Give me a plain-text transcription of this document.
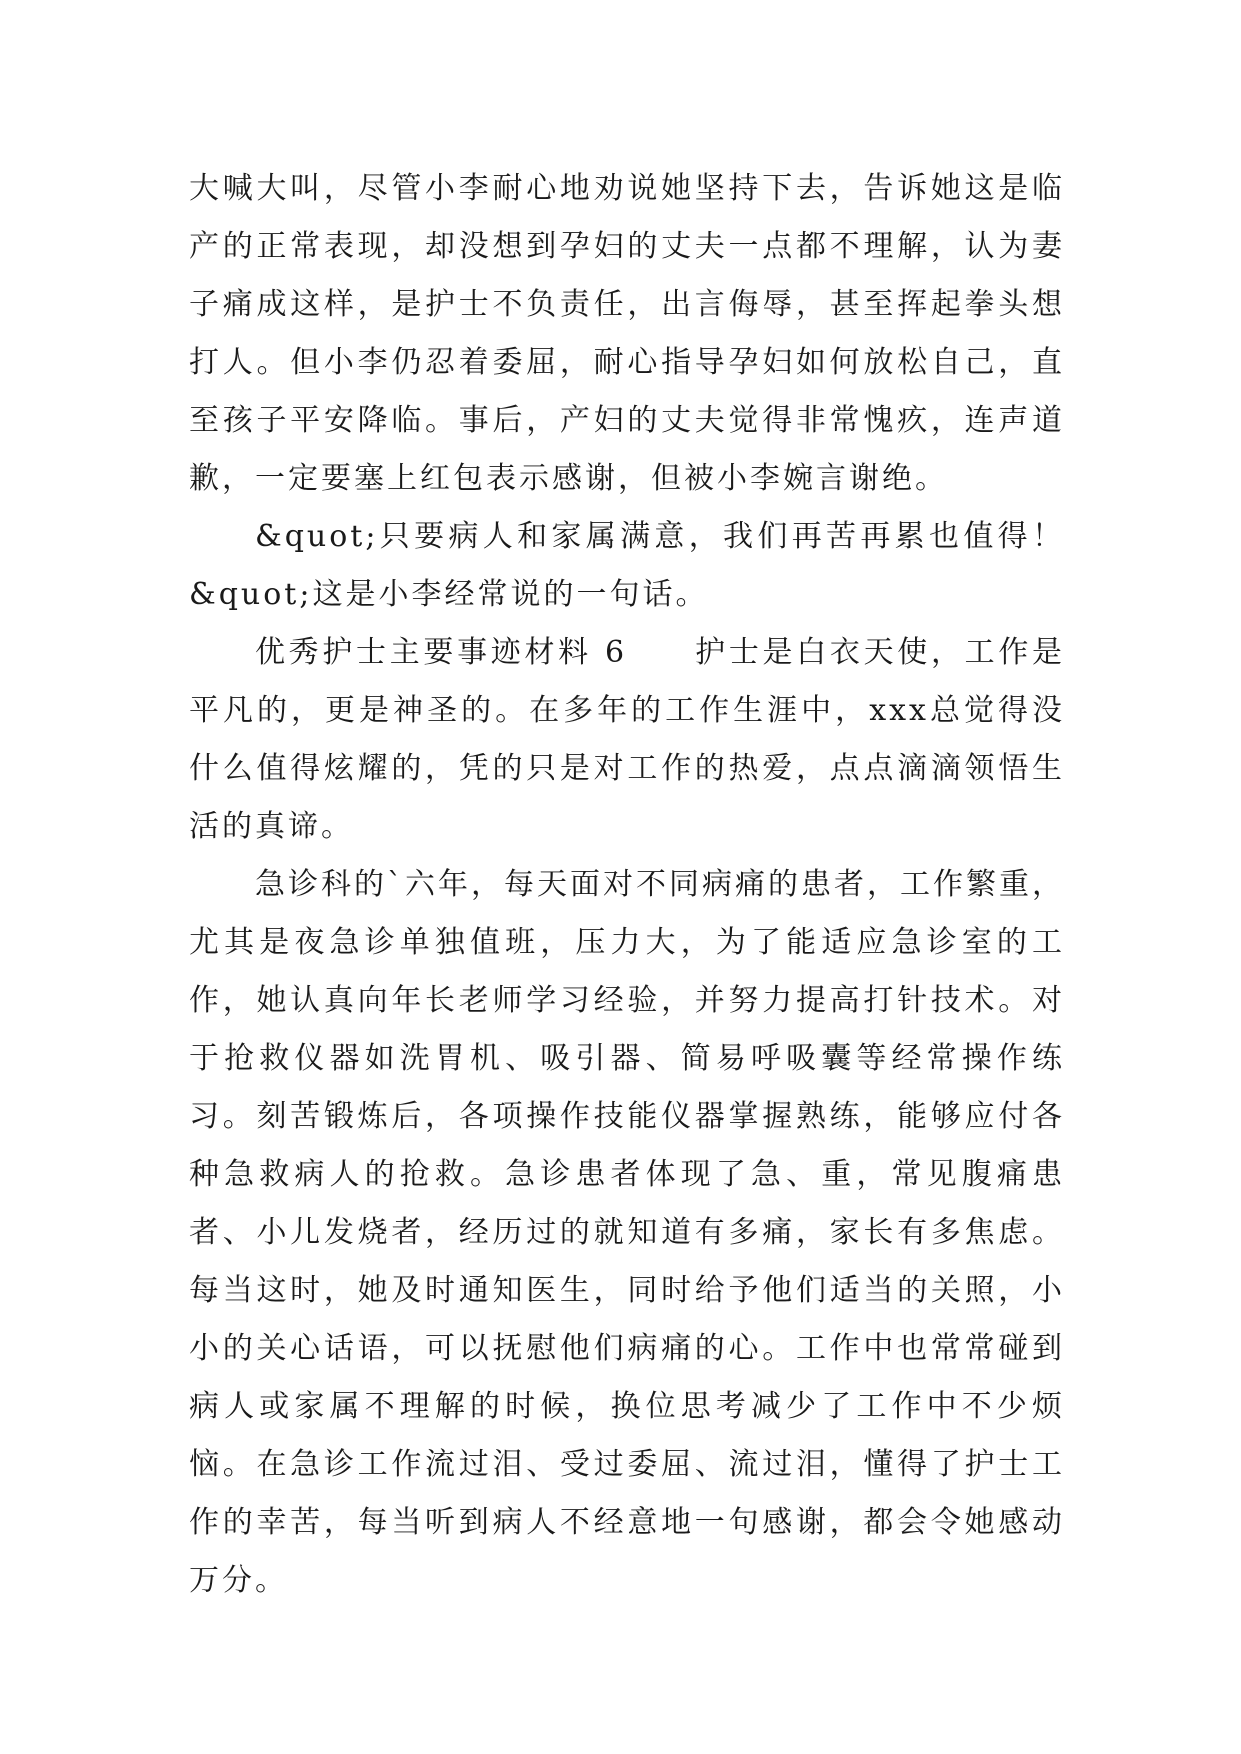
大喊大叫，尽管小李耐心地劝说她坚持下去，告诉她这是临产的正常表现，却没想到孕妇的丈夫一点都不理解，认为妻子痛成这样，是护士不负责任，出言侮辱，甚至挥起拳头想打人。但小李仍忍着委屈，耐心指导孕妇如何放松自己，直至孩子平安降临。事后，产妇的丈夫觉得非常愧疚，连声道歉，一定要塞上红包表示感谢，但被小李婉言谢绝。

&quot;只要病人和家属满意，我们再苦再累也值得！&quot;这是小李经常说的一句话。

优秀护士主要事迹材料 6　　护士是白衣天使，工作是平凡的，更是神圣的。在多年的工作生涯中，xxx总觉得没什么值得炫耀的，凭的只是对工作的热爱，点点滴滴领悟生活的真谛。

急诊科的`六年，每天面对不同病痛的患者，工作繁重，尤其是夜急诊单独值班，压力大，为了能适应急诊室的工作，她认真向年长老师学习经验，并努力提高打针技术。对于抢救仪器如洗胃机、吸引器、简易呼吸囊等经常操作练习。刻苦锻炼后，各项操作技能仪器掌握熟练，能够应付各种急救病人的抢救。急诊患者体现了急、重，常见腹痛患者、小儿发烧者，经历过的就知道有多痛，家长有多焦虑。每当这时，她及时通知医生，同时给予他们适当的关照，小小的关心话语，可以抚慰他们病痛的心。工作中也常常碰到病人或家属不理解的时候，换位思考减少了工作中不少烦恼。在急诊工作流过泪、受过委屈、流过泪，懂得了护士工作的幸苦，每当听到病人不经意地一句感谢，都会令她感动万分。
